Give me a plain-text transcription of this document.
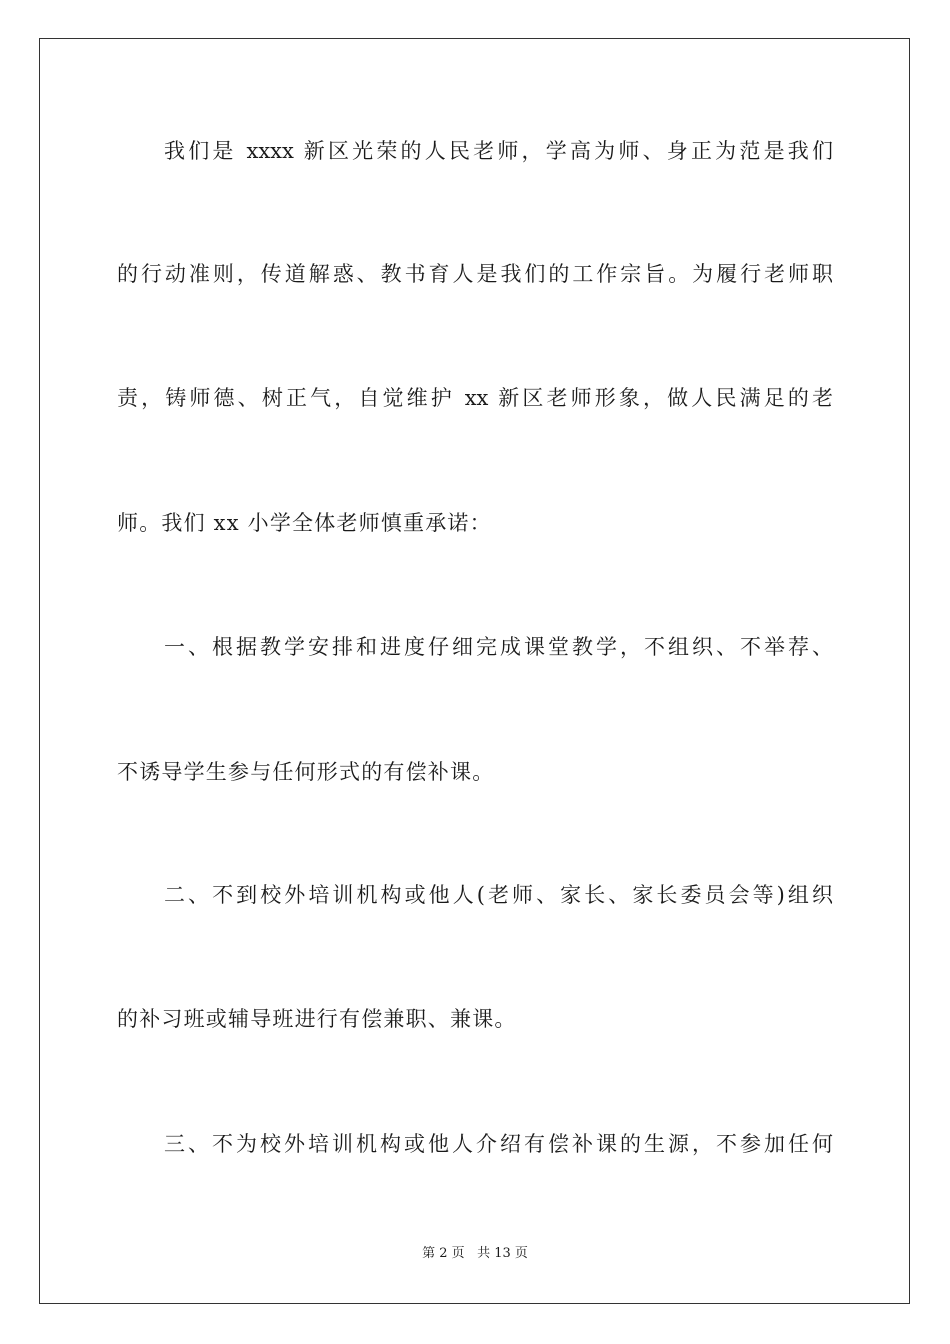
我们是 xxxx 新区光荣的人民老师，学高为师、身正为范是我们
的行动准则，传道解惑、教书育人是我们的工作宗旨。为履行老师职
责，铸师德、树正气，自觉维护 xx 新区老师形象，做人民满足的老
师。我们 xx 小学全体老师慎重承诺：
一、根据教学安排和进度仔细完成课堂教学，不组织、不举荐、
不诱导学生参与任何形式的有偿补课。
二、不到校外培训机构或他人(老师、家长、家长委员会等)组织
的补习班或辅导班进行有偿兼职、兼课。
三、不为校外培训机构或他人介绍有偿补课的生源，不参加任何
第 2 页 共 13 页
